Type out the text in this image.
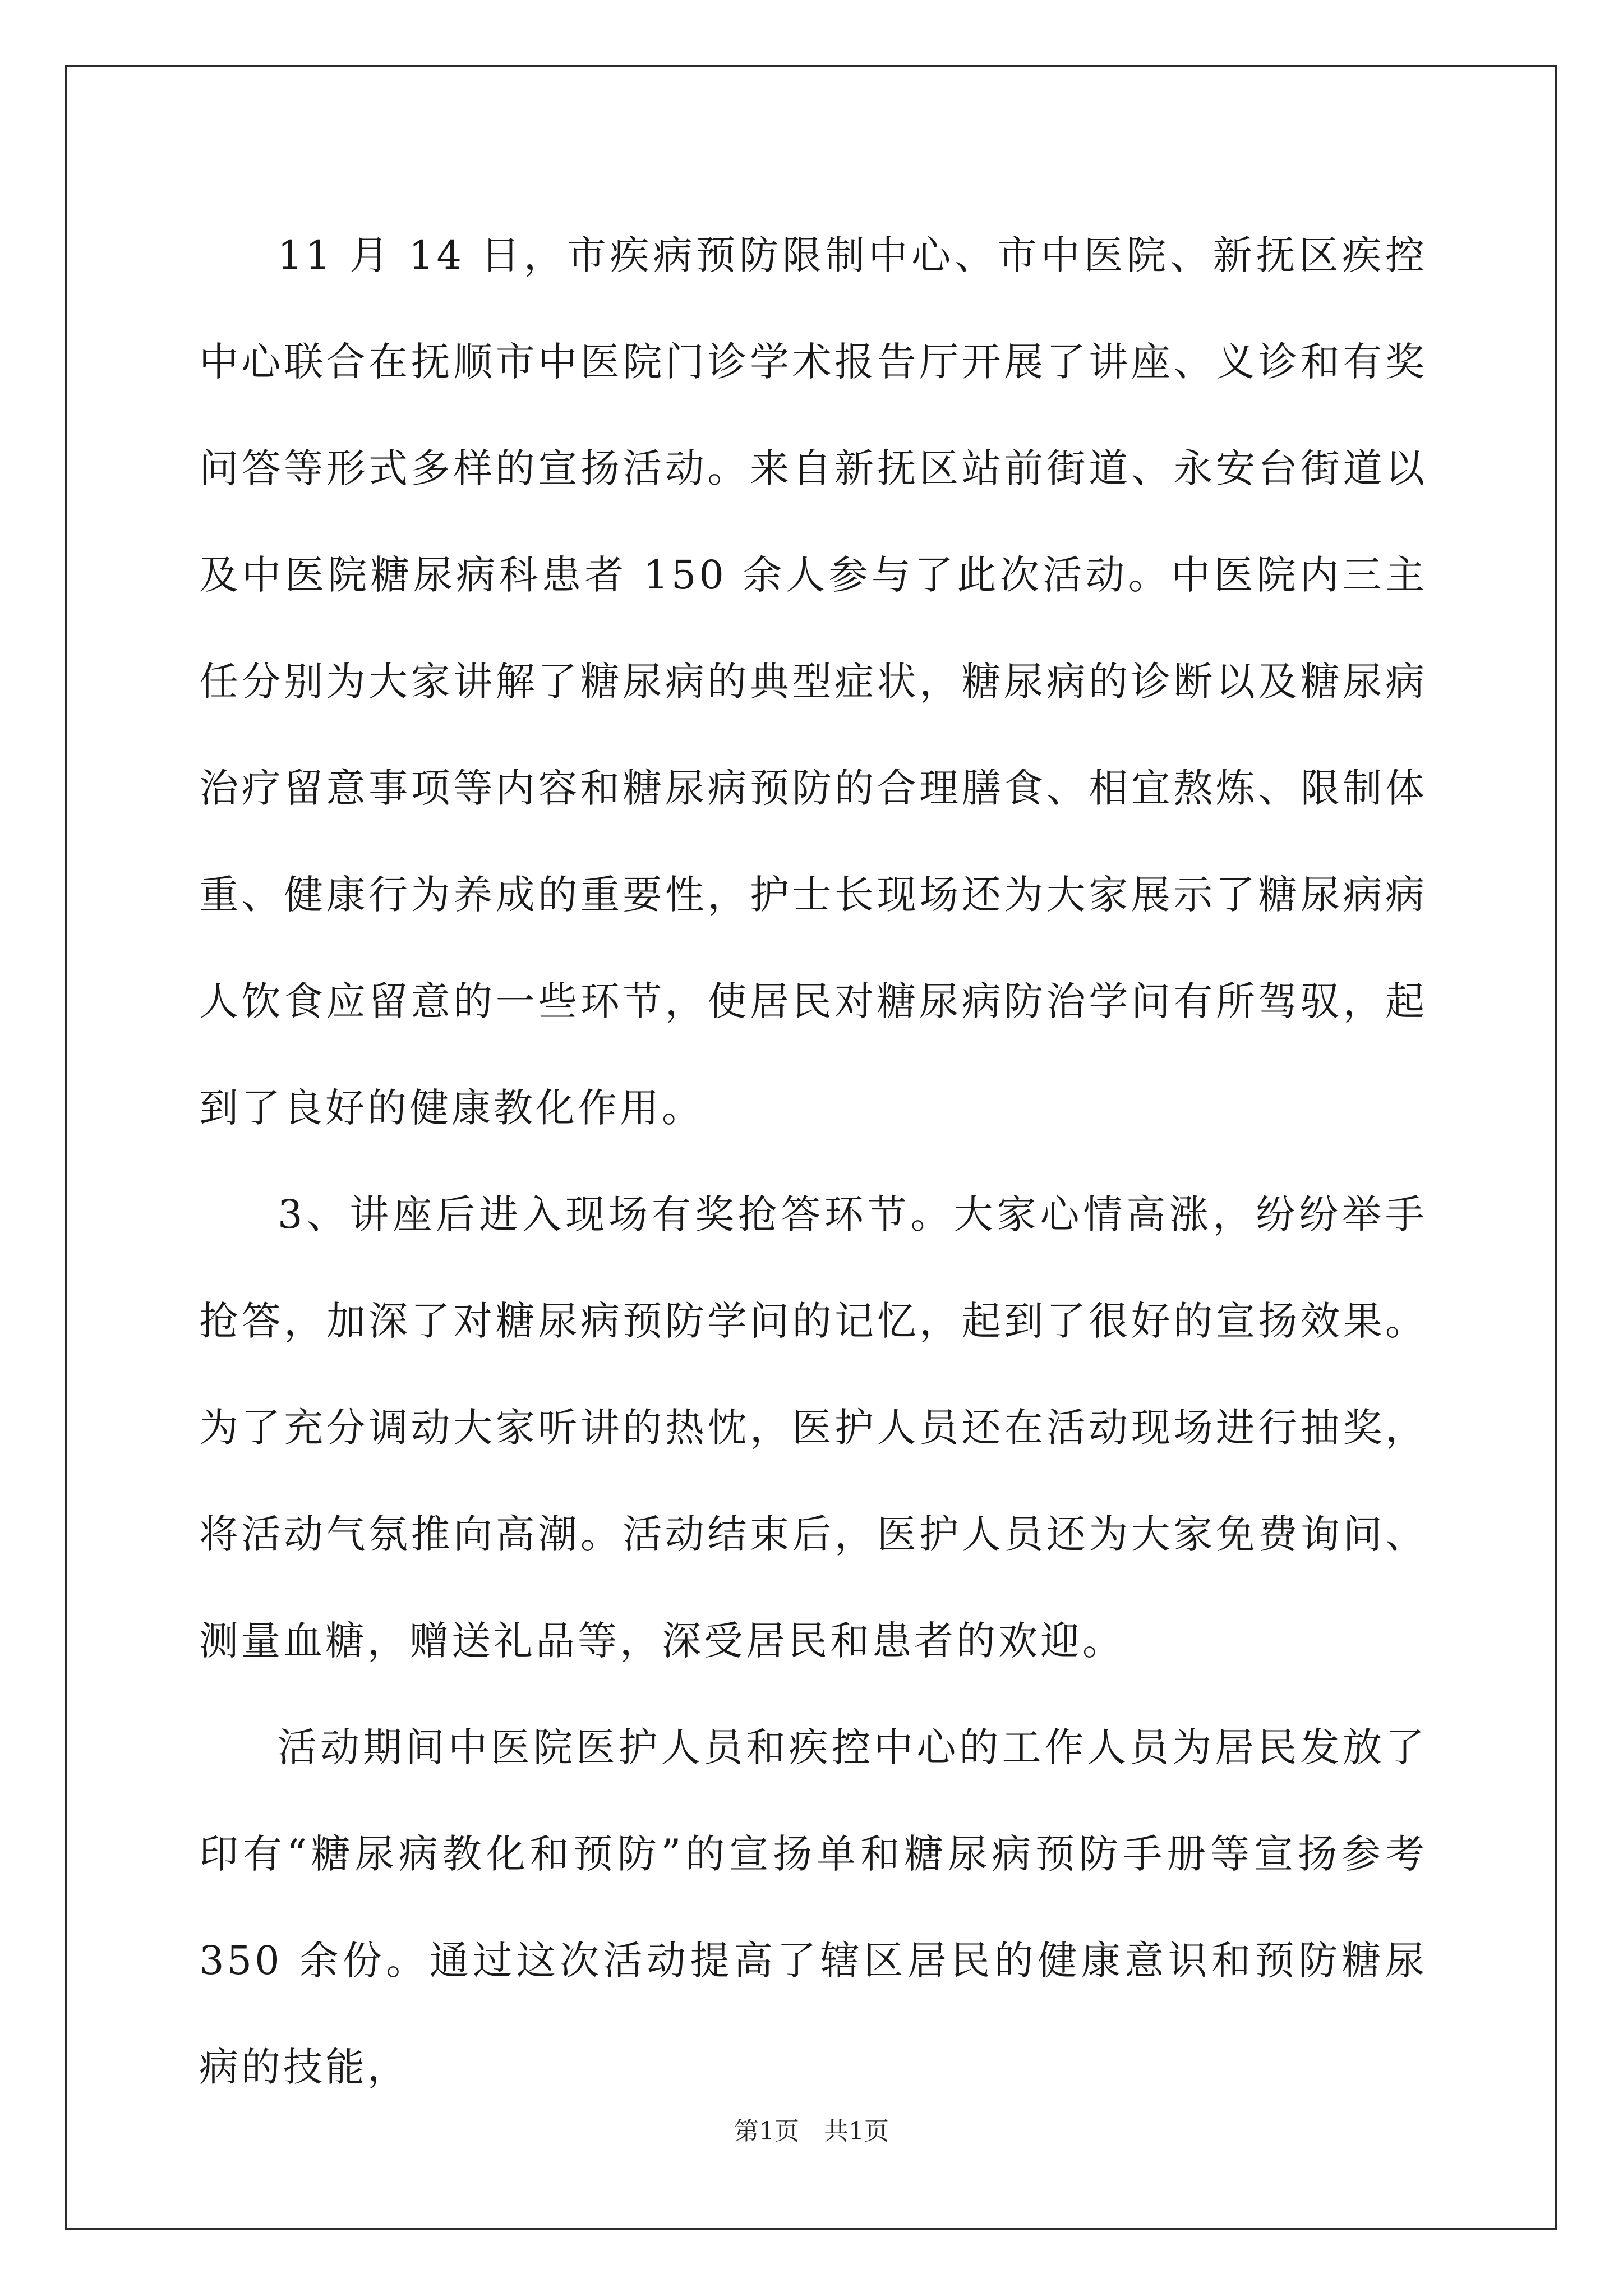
11 月 14 日，市疾病预防限制中心、市中医院、新抚区疾控中心联合在抚顺市中医院门诊学术报告厅开展了讲座、义诊和有奖问答等形式多样的宣扬活动。来自新抚区站前街道、永安台街道以及中医院糖尿病科患者 150 余人参与了此次活动。中医院内三主任分别为大家讲解了糖尿病的典型症状，糖尿病的诊断以及糖尿病治疗留意事项等内容和糖尿病预防的合理膳食、相宜熬炼、限制体重、健康行为养成的重要性，护士长现场还为大家展示了糖尿病病人饮食应留意的一些环节，使居民对糖尿病防治学问有所驾驭，起到了良好的健康教化作用。

3、讲座后进入现场有奖抢答环节。大家心情高涨，纷纷举手抢答，加深了对糖尿病预防学问的记忆，起到了很好的宣扬效果。为了充分调动大家听讲的热忱，医护人员还在活动现场进行抽奖，将活动气氛推向高潮。活动结束后，医护人员还为大家免费询问、测量血糖，赠送礼品等，深受居民和患者的欢迎。

活动期间中医院医护人员和疾控中心的工作人员为居民发放了印有“糖尿病教化和预防”的宣扬单和糖尿病预防手册等宣扬参考 350 余份。通过这次活动提高了辖区居民的健康意识和预防糖尿病的技能，

第1页 共1页
